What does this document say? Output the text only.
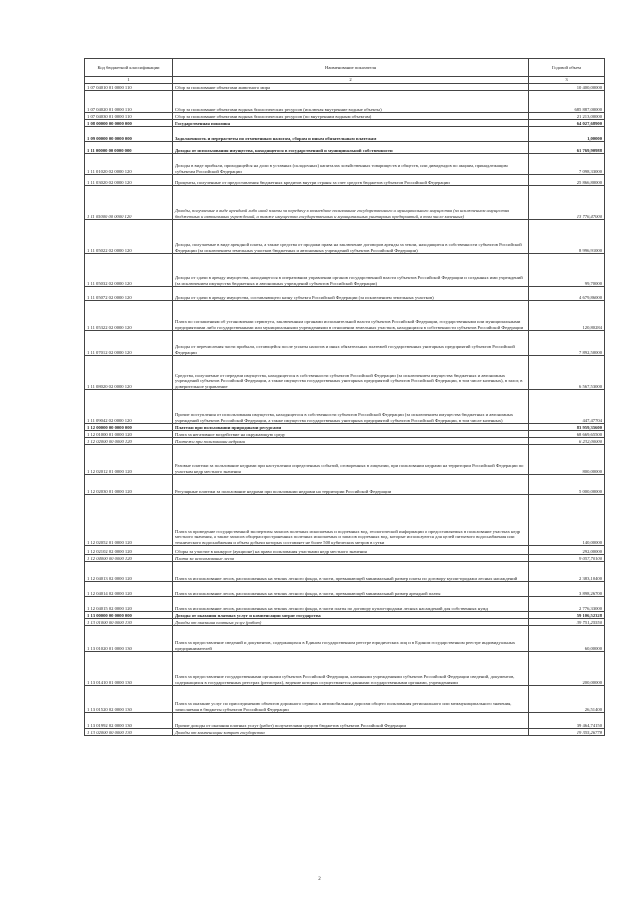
Код бюджетной классификации	Наименование показателя	Годовой объем
1	2	3
1 07 04010 01 0000 110	Сбор за пользование объектами животного мира	10 400,00000
1 07 04020 01 0000 110	Сбор за пользование объектами водных биологических ресурсов (исключая внутренние водные объекты)	685 887,00000
1 07 04030 01 0000 110	Сбор за пользование объектами водных биологических ресурсов (по внутренним водным объектам)	21 213,00000
1 08 00000 00 0000 000	Государственная пошлина	64 027,68900
1 09 00000 00 0000 000	Задолженность и перерасчеты по отмененным налогам, сборам и иным обязательным платежам	1,00000
1 11 00000 00 0000 000	Доходы от использования имущества, находящегося в государственной и муниципальной собственности	61 769,90988
1 11 01020 02 0000 120	Доходы в виде прибыли, приходящейся на доли в уставных (складочных) капиталах хозяйственных товариществ и обществ, или дивидендов по акциям, принадлежащим субъектам Российской Федерации	7 098,33000
1 11 03020 02 0000 120	Проценты, полученные от предоставления бюджетных кредитов внутри страны за счет средств бюджетов субъектов Российской Федерации	25 866,80000
1 11 05000 00 0000 120	Доходы, получаемые в виде арендной либо иной платы за передачу в возмездное пользование государственного и муниципального имущества (за исключением имущества бюджетных и автономных учреждений, а также имущества государственных и муниципальных унитарных предприятий, в том числе казенных)	13 776,47000
1 11 05022 02 0000 120	Доходы, получаемые в виде арендной платы, а также средства от продажи права на заключение договоров аренды за земли, находящиеся в собственности субъектов Российской Федерации (за исключением земельных участков бюджетных и автономных учреждений субъектов Российской Федерации)	8 996,91000
1 11 05032 02 0000 120	Доходы от сдачи в аренду имущества, находящегося в оперативном управлении органов государственной власти субъектов Российской Федерации и созданных ими учреждений (за исключением имущества бюджетных и автономных учреждений субъектов Российской Федерации)	99,70000
1 11 05072 02 0000 120	Доходы от сдачи в аренду имущества, составляющего казну субъекта Российской Федерации (за исключением земельных участков)	4 679,86000
1 11 05322 02 0000 120	Плата по соглашениям об установлении сервитута, заключенным органами исполнительной власти субъектов Российской Федерации, государственными или муниципальными предприятиями либо государственными или муниципальными учреждениями в отношении земельных участков, находящихся в собственности субъектов Российской Федерации	120,80284
1 11 07012 02 0000 120	Доходы от перечисления части прибыли, остающейся после уплаты налогов и иных обязательных платежей государственных унитарных предприятий субъектов Российской Федерации	7 892,50000
1 11 08020 02 0000 120	Средства, получаемые от передачи имущества, находящегося в собственности субъектов Российской Федерации (за исключением имущества бюджетных и автономных учреждений субъектов Российской Федерации, а также имущества государственных унитарных предприятий субъектов Российской Федерации, в том числе казенных), в залог, в доверительное управление	6 567,53000
1 11 09042 02 0000 120	Прочие поступления от использования имущества, находящегося в собственности субъектов Российской Федерации (за исключением имущества бюджетных и автономных учреждений субъектов Российской Федерации, а также имущества государственных унитарных предприятий субъектов Российской Федерации, в том числе казенных)	447,47704
1 12 00000 00 0000 000	Платежи при пользовании природными ресурсами	83 959,35600
1 12 01000 01 0000 120	Плата за негативное воздействие на окружающую среду	68 669,65500
1 12 02000 00 0000 120	Платежи при пользовании недрами	6 232,00000
1 12 02012 01 0000 120	Разовые платежи за пользование недрами при наступлении определенных событий, оговоренных в лицензии, при пользовании недрами на территории Российской Федерации по участкам недр местного значения	800,00000
1 12 02030 01 0000 120	Регулярные платежи за пользование недрами при пользовании недрами на территории Российской Федерации	5 000,00000
1 12 02052 01 0000 120	Плата за проведение государственной экспертизы запасов полезных ископаемых и подземных вод, геологической информации о предоставляемых в пользование участках недр местного значения, а также запасов общераспространенных полезных ископаемых и запасов подземных вод, которые используются для целей питьевого водоснабжения или технического водоснабжения и объем добычи которых составляет не более 500 кубических метров в сутки	140,00000
1 12 02102 02 0000 120	Сборы за участие в конкурсе (аукционе) на право пользования участками недр местного значения	292,00000
1 12 04000 00 0000 120	Плата за использование лесов	9 057,70100
1 12 04013 02 0000 120	Плата за использование лесов, расположенных на землях лесного фонда, в части, превышающей минимальный размер платы по договору купли-продажи лесных насаждений	2 383,10400
1 12 04014 02 0000 120	Плата за использование лесов, расположенных на землях лесного фонда, в части, превышающей минимальный размер арендной платы	3 898,26700
1 12 04015 02 0000 120	Плата за использование лесов, расположенных на землях лесного фонда, в части платы по договору купли-продажи лесных насаждений для собственных нужд	2 776,33000
1 13 00000 00 0000 000	Доходы от оказания платных услуг и компенсации затрат государства	59 106,52328
1 13 01000 00 0000 130	Доходы от оказания платных услуг (работ)	39 751,25550
1 13 01020 01 0000 130	Плата за предоставление сведений и документов, содержащихся в Едином государственном реестре юридических лиц и в Едином государственном реестре индивидуальных предпринимателей	60,00000
1 13 01410 01 0000 130	Плата за предоставление государственными органами субъектов Российской Федерации, казенными учреждениями субъектов Российской Федерации сведений, документов, содержащихся в государственных реестрах (регистрах), ведение которых осуществляется данными государственными органами, учреждениями	200,00000
1 13 01520 02 0000 130	Плата за оказание услуг по присоединению объектов дорожного сервиса к автомобильным дорогам общего пользования регионального или межмуниципального значения, зачисляемая в бюджеты субъектов Российской Федерации	26,51400
1 13 01992 02 0000 130	Прочие доходы от оказания платных услуг (работ) получателями средств бюджетов субъектов Российской Федерации	39 464,74150
1 13 02000 00 0000 130	Доходы от компенсации затрат государства	19 355,26778
2
